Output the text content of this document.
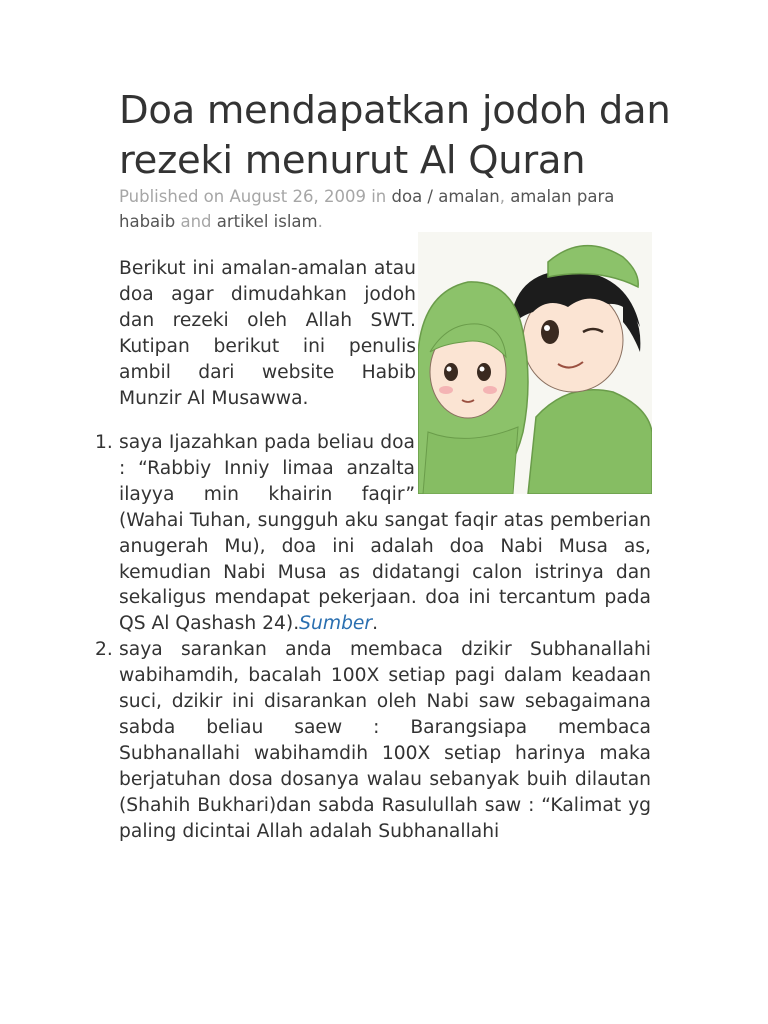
Doa mendapatkan jodoh dan rezeki menurut Al Quran
Published on August 26, 2009 in doa / amalan, amalan para habaib and artikel islam.

Berikut ini amalan-amalan atau doa agar dimudahkan jodoh dan rezeki oleh Allah SWT. Kutipan berikut ini penulis ambil dari website Habib Munzir Al Musawwa.

1. saya Ijazahkan pada beliau doa : “Rabbiy Inniy limaa anzalta ilayya min khairin faqir” (Wahai Tuhan, sungguh aku sangat faqir atas pemberian anugerah Mu), doa ini adalah doa Nabi Musa as, kemudian Nabi Musa as didatangi calon istrinya dan sekaligus mendapat pekerjaan. doa ini tercantum pada QS Al Qashash 24).Sumber.
2. saya sarankan anda membaca dzikir Subhanallahi wabihamdih, bacalah 100X setiap pagi dalam keadaan suci, dzikir ini disarankan oleh Nabi saw sebagaimana sabda beliau saew : Barangsiapa membaca Subhanallahi wabihamdih 100X setiap harinya maka berjatuhan dosa dosanya walau sebanyak buih dilautan (Shahih Bukhari)dan sabda Rasulullah saw : “Kalimat yg paling dicintai Allah adalah Subhanallahi
